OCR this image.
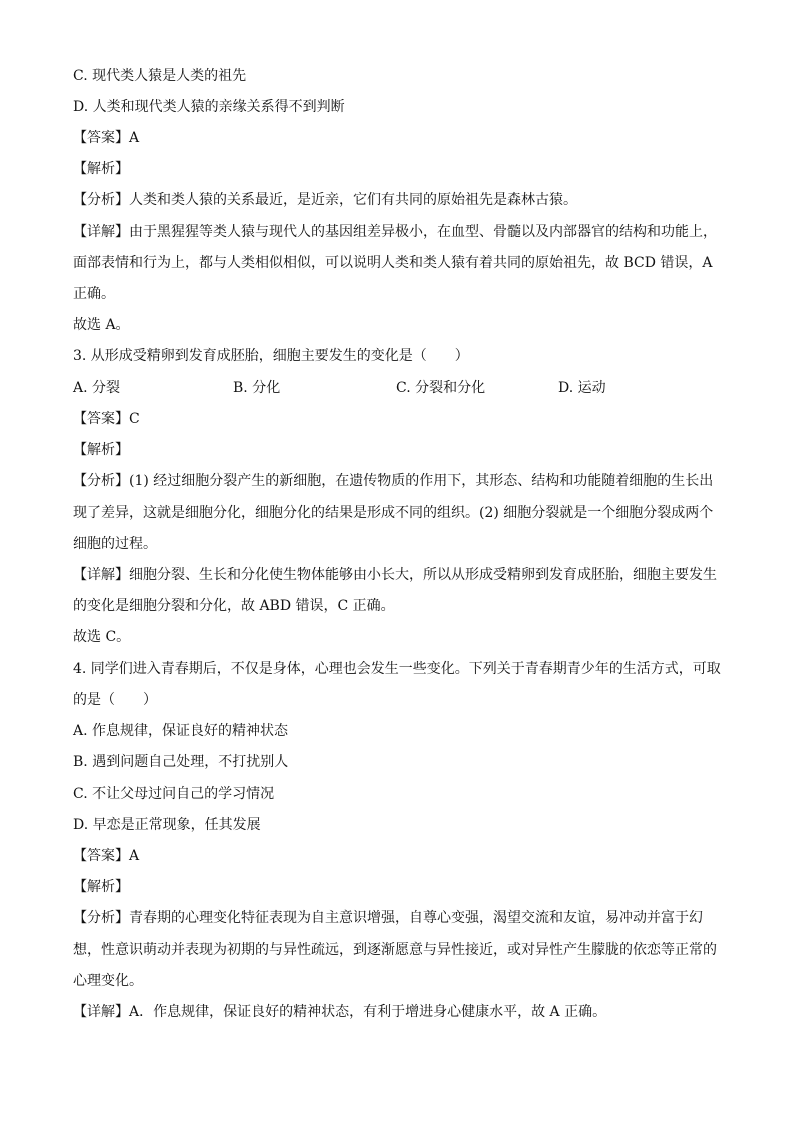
C. 现代类人猿是人类的祖先
D. 人类和现代类人猿的亲缘关系得不到判断
【答案】A
【解析】
【分析】人类和类人猿的关系最近，是近亲，它们有共同的原始祖先是森林古猿。
【详解】由于黑猩猩等类人猿与现代人的基因组差异极小，在血型、骨髓以及内部器官的结构和功能上，
面部表情和行为上，都与人类相似相似，可以说明人类和类人猿有着共同的原始祖先，故 BCD 错误，A
正确。
故选 A。
3. 从形成受精卵到发育成胚胎，细胞主要发生的变化是（　　）
A. 分裂	B. 分化	C. 分裂和分化	D. 运动
【答案】C
【解析】
【分析】(1) 经过细胞分裂产生的新细胞，在遗传物质的作用下，其形态、结构和功能随着细胞的生长出
现了差异，这就是细胞分化，细胞分化的结果是形成不同的组织。(2) 细胞分裂就是一个细胞分裂成两个
细胞的过程。
【详解】细胞分裂、生长和分化使生物体能够由小长大，所以从形成受精卵到发育成胚胎，细胞主要发生
的变化是细胞分裂和分化，故 ABD 错误，C 正确。
故选 C。
4. 同学们进入青春期后，不仅是身体，心理也会发生一些变化。下列关于青春期青少年的生活方式，可取
的是（　　）
A. 作息规律，保证良好的精神状态
B. 遇到问题自己处理，不打扰别人
C. 不让父母过问自己的学习情况
D. 早恋是正常现象，任其发展
【答案】A
【解析】
【分析】青春期的心理变化特征表现为自主意识增强，自尊心变强，渴望交流和友谊，易冲动并富于幻
想，性意识萌动并表现为初期的与异性疏远，到逐渐愿意与异性接近，或对异性产生朦胧的依恋等正常的
心理变化。
【详解】A．作息规律，保证良好的精神状态，有利于增进身心健康水平，故 A 正确。
